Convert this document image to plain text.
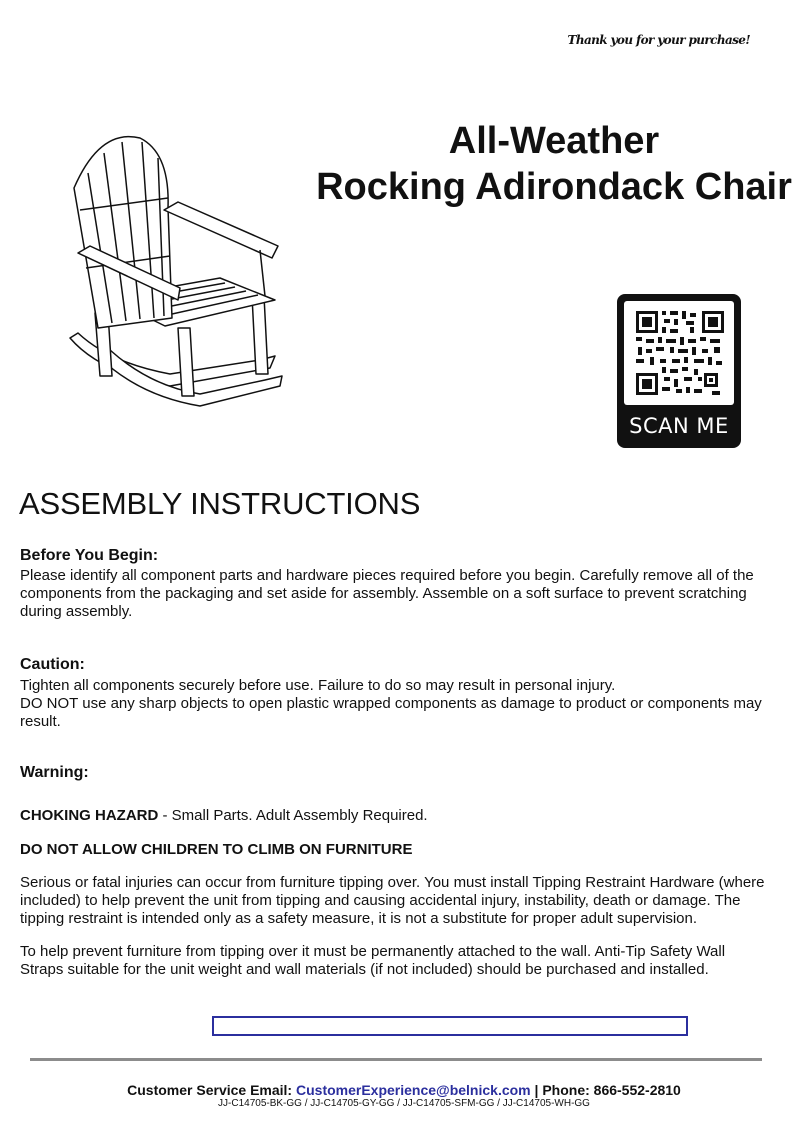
Thank you for your purchase!
All-Weather
Rocking Adirondack Chair
SCAN ME
ASSEMBLY INSTRUCTIONS
Before You Begin:

Please identify all component parts and hardware pieces required before you begin. Carefully remove all of the components from the packaging and set aside for assembly. Assemble on a soft surface to prevent scratching during assembly.

Caution:

Tighten all components securely before use. Failure to do so may result in personal injury.

DO NOT use any sharp objects to open plastic wrapped components as damage to product or components may result.

Warning:

CHOKING HAZARD - Small Parts. Adult Assembly Required.

DO NOT ALLOW CHILDREN TO CLIMB ON FURNITURE

Serious or fatal injuries can occur from furniture tipping over. You must install Tipping Restraint Hardware (where included) to help prevent the unit from tipping and causing accidental injury, instability, death or damage. The tipping restraint is intended only as a safety measure, it is not a substitute for proper adult supervision.

To help prevent furniture from tipping over it must be permanently attached to the wall. Anti-Tip Safety Wall Straps suitable for the unit weight and wall materials (if not included) should be purchased and installed.

Customer Service Email: CustomerExperience@belnick.com | Phone: 866-552-2810
JJ-C14705-BK-GG / JJ-C14705-GY-GG / JJ-C14705-SFM-GG / JJ-C14705-WH-GG
